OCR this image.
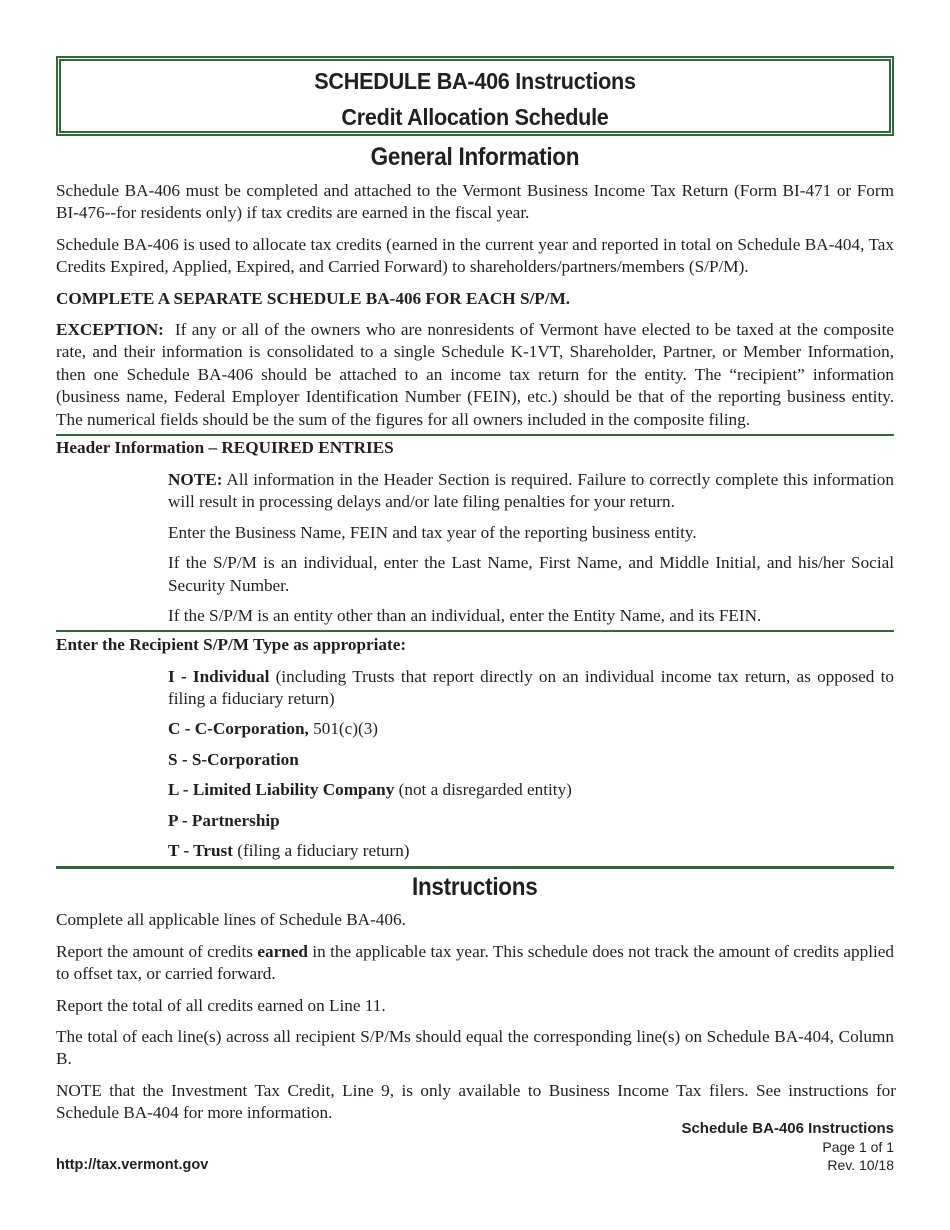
SCHEDULE BA-406 Instructions
Credit Allocation Schedule
General Information

Schedule BA-406 must be completed and attached to the Vermont Business Income Tax Return (Form BI-471 or Form BI-476--for residents only) if tax credits are earned in the fiscal year.

Schedule BA-406 is used to allocate tax credits (earned in the current year and reported in total on Schedule BA-404, Tax Credits Expired, Applied, Expired, and Carried Forward) to shareholders/partners/members (S/P/M).

COMPLETE A SEPARATE SCHEDULE BA-406 FOR EACH S/P/M.

EXCEPTION: If any or all of the owners who are nonresidents of Vermont have elected to be taxed at the composite rate, and their information is consolidated to a single Schedule K-1VT, Shareholder, Partner, or Member Information, then one Schedule BA-406 should be attached to an income tax return for the entity. The “recipient” information (business name, Federal Employer Identification Number (FEIN), etc.) should be that of the reporting business entity. The numerical fields should be the sum of the figures for all owners included in the composite filing.

Header Information – REQUIRED ENTRIES

NOTE: All information in the Header Section is required. Failure to correctly complete this information will result in processing delays and/or late filing penalties for your return.

Enter the Business Name, FEIN and tax year of the reporting business entity.

If the S/P/M is an individual, enter the Last Name, First Name, and Middle Initial, and his/her Social Security Number.

If the S/P/M is an entity other than an individual, enter the Entity Name, and its FEIN.

Enter the Recipient S/P/M Type as appropriate:

I - Individual (including Trusts that report directly on an individual income tax return, as opposed to filing a fiduciary return)

C - C-Corporation, 501(c)(3)

S - S-Corporation

L - Limited Liability Company (not a disregarded entity)

P - Partnership

T - Trust (filing a fiduciary return)

Instructions

Complete all applicable lines of Schedule BA-406.

Report the amount of credits earned in the applicable tax year. This schedule does not track the amount of credits applied to offset tax, or carried forward.

Report the total of all credits earned on Line 11.

The total of each line(s) across all recipient S/P/Ms should equal the corresponding line(s) on Schedule BA-404, Column B.

NOTE that the Investment Tax Credit, Line 9, is only available to Business Income Tax filers. See instructions for Schedule BA-404 for more information.

Schedule BA-406 Instructions
Page 1 of 1
Rev. 10/18
http://tax.vermont.gov
